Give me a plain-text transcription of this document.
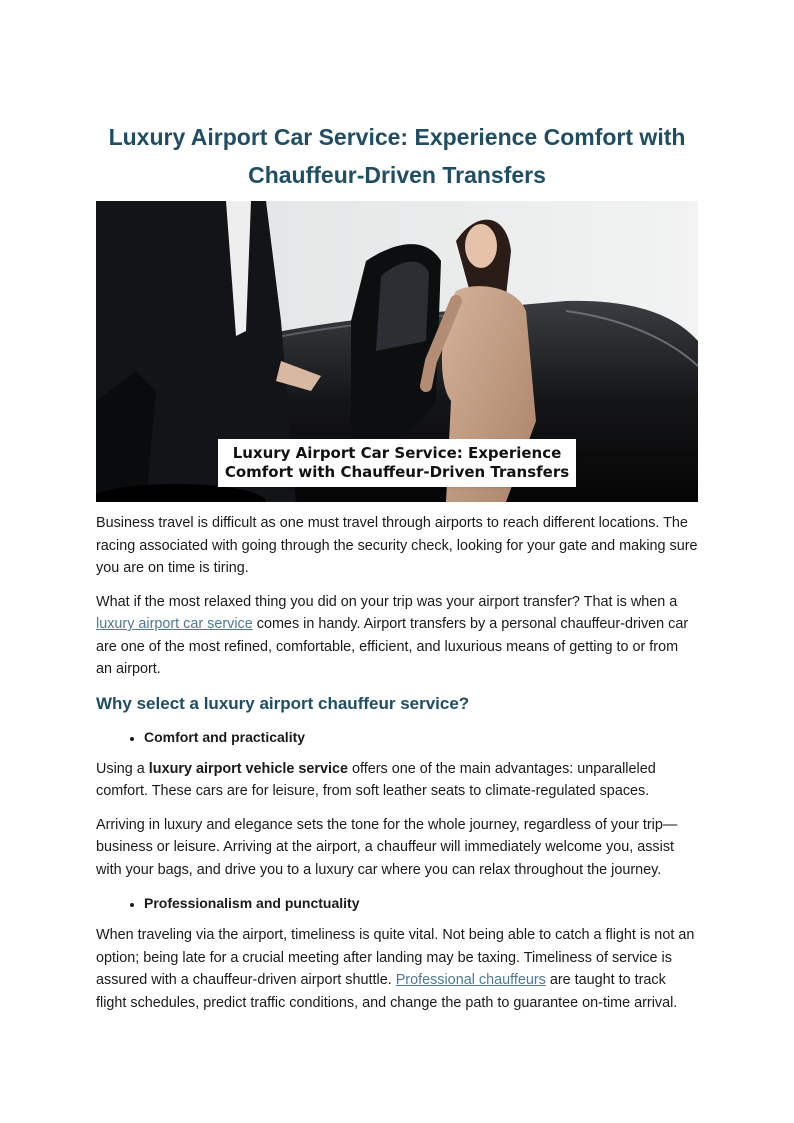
Luxury Airport Car Service: Experience Comfort with Chauffeur-Driven Transfers
Luxury Airport Car Service: Experience
Comfort with Chauffeur-Driven Transfers

Business travel is difficult as one must travel through airports to reach different locations. The racing associated with going through the security check, looking for your gate and making sure you are on time is tiring.

What if the most relaxed thing you did on your trip was your airport transfer? That is when a luxury airport car service comes in handy. Airport transfers by a personal chauffeur-driven car are one of the most refined, comfortable, efficient, and luxurious means of getting to or from an airport.

Why select a luxury airport chauffeur service?
• Comfort and practicality

Using a luxury airport vehicle service offers one of the main advantages: unparalleled comfort. These cars are for leisure, from soft leather seats to climate-regulated spaces.

Arriving in luxury and elegance sets the tone for the whole journey, regardless of your trip—business or leisure. Arriving at the airport, a chauffeur will immediately welcome you, assist with your bags, and drive you to a luxury car where you can relax throughout the journey.

• Professionalism and punctuality

When traveling via the airport, timeliness is quite vital. Not being able to catch a flight is not an option; being late for a crucial meeting after landing may be taxing. Timeliness of service is assured with a chauffeur-driven airport shuttle. Professional chauffeurs are taught to track flight schedules, predict traffic conditions, and change the path to guarantee on-time arrival.
